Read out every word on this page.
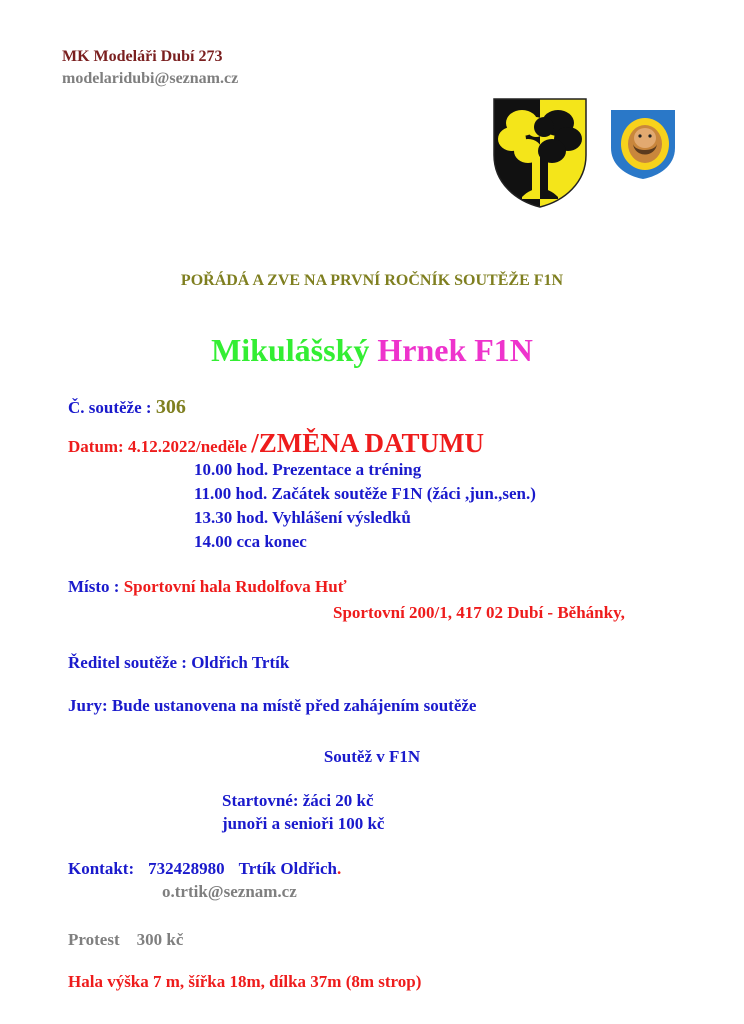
MK Modeláři Dubí 273
modelaridubi@seznam.cz
POŘÁDÁ A ZVE NA PRVNÍ ROČNÍK SOUTĚŽE F1N
Mikulášský Hrnek F1N
Č. soutěže : 306
Datum: 4.12.2022/neděle /ZMĚNA DATUMU
10.00 hod. Prezentace a tréning
11.00 hod. Začátek soutěže F1N (žáci ,jun.,sen.)
13.30 hod. Vyhlášení výsledků
14.00 cca konec
Místo : Sportovní hala Rudolfova Huť
Sportovní 200/1, 417 02 Dubí - Běhánky,
Ředitel soutěže : Oldřich Trtík
Jury: Bude ustanovena na místě před zahájením soutěže
Soutěž v F1N
Startovné: žáci 20 kč
junoři a senioři 100 kč
Kontakt: 732428980 Trtík Oldřich.
o.trtik@seznam.cz
Protest 300 kč
Hala výška 7 m, šířka 18m, dílka 37m (8m strop)
